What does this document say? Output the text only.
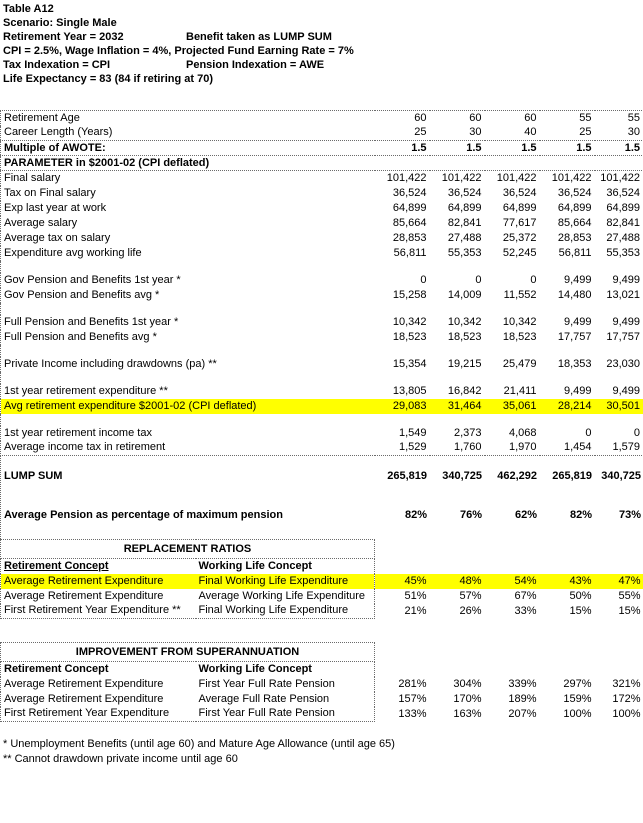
Table A12
Scenario: Single Male
Retirement Year = 2032	Benefit taken as LUMP SUM
CPI = 2.5%, Wage Inflation = 4%, Projected Fund Earning Rate = 7%
Tax Indexation = CPI	Pension Indexation = AWE
Life Expectancy = 83 (84 if retiring at 70)
Retirement Age	60	60	60	55	55
Career Length (Years)	25	30	40	25	30
Multiple of AWOTE:	1.5	1.5	1.5	1.5	1.5
PARAMETER in $2001-02 (CPI deflated)					
Final salary	101,422	101,422	101,422	101,422	101,422
Tax on Final salary	36,524	36,524	36,524	36,524	36,524
Exp last year at work	64,899	64,899	64,899	64,899	64,899
Average salary	85,664	82,841	77,617	85,664	82,841
Average tax on salary	28,853	27,488	25,372	28,853	27,488
Expenditure avg working life	56,811	55,353	52,245	56,811	55,353

Gov Pension and Benefits 1st year *	0	0	0	9,499	9,499
Gov Pension and Benefits avg *	15,258	14,009	11,552	14,480	13,021

Full Pension and Benefits 1st year *	10,342	10,342	10,342	9,499	9,499
Full Pension and Benefits avg *	18,523	18,523	18,523	17,757	17,757

Private Income including drawdowns (pa) **	15,354	19,215	25,479	18,353	23,030

1st year retirement expenditure **	13,805	16,842	21,411	9,499	9,499
Avg retirement expenditure $2001-02 (CPI deflated)	29,083	31,464	35,061	28,214	30,501

1st year retirement income tax	1,549	2,373	4,068	0	0
Average income tax in retirement	1,529	1,760	1,970	1,454	1,579
LUMP SUM	265,819	340,725	462,292	265,819	340,725

Average Pension as percentage of maximum pension	82%	76%	62%	82%	73%
REPLACEMENT RATIOS						
Retirement Concept	Working Life Concept					
Average Retirement Expenditure	Final Working Life Expenditure	45%	48%	54%	43%	47%
Average Retirement Expenditure	Average Working Life Expenditure	51%	57%	67%	50%	55%
First Retirement Year Expenditure **	Final Working Life Expenditure	21%	26%	33%	15%	15%
IMPROVEMENT FROM SUPERANNUATION						
Retirement Concept	Working Life Concept					
Average Retirement Expenditure	First Year Full Rate Pension	281%	304%	339%	297%	321%
Average Retirement Expenditure	Average Full Rate Pension	157%	170%	189%	159%	172%
First Retirement Year Expenditure	First Year Full Rate Pension	133%	163%	207%	100%	100%
* Unemployment Benefits (until age 60) and Mature Age Allowance (until age 65)
** Cannot drawdown private income until age 60
